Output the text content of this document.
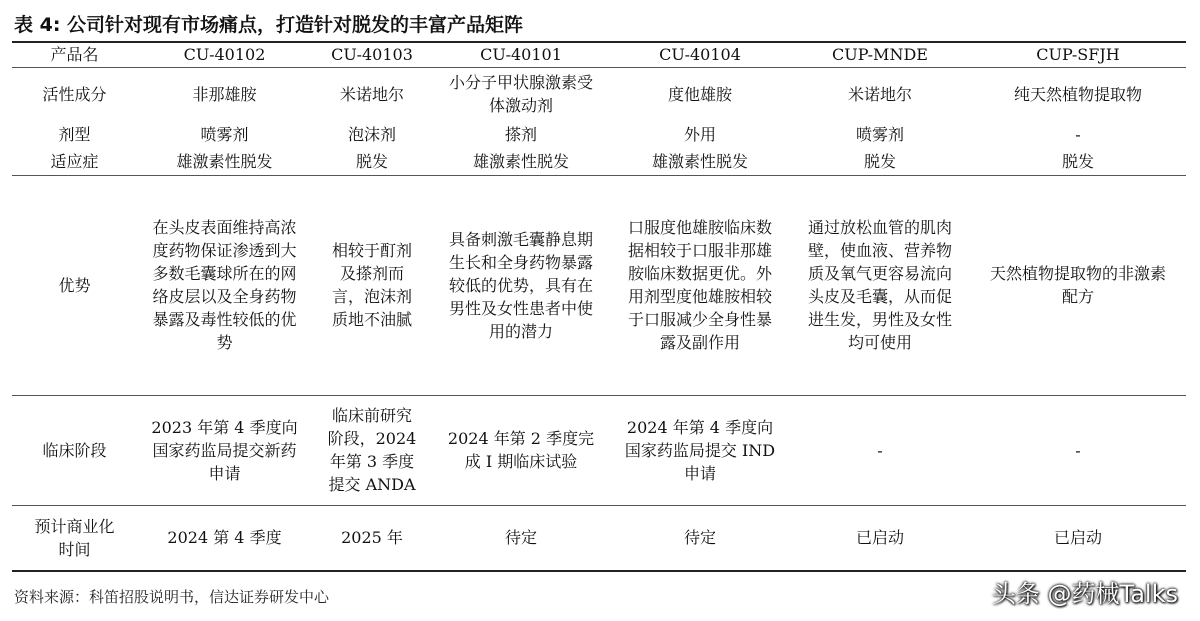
表 4: 公司针对现有市场痛点，打造针对脱发的丰富产品矩阵
产品名	CU-40102	CU-40103	CU-40101	CU-40104	CUP-MNDE	CUP-SFJH
活性成分	非那雄胺	米诺地尔	小分子甲状腺激素受体激动剂	度他雄胺	米诺地尔	纯天然植物提取物
剂型	喷雾剂	泡沫剂	搽剂	外用	喷雾剂	-
适应症	雄激素性脱发	脱发	雄激素性脱发	雄激素性脱发	脱发	脱发
优势	在头皮表面维持高浓度药物保证渗透到大多数毛囊球所在的网络皮层以及全身药物暴露及毒性较低的优势	相较于酊剂及搽剂而言，泡沫剂质地不油腻	具备刺激毛囊静息期生长和全身药物暴露较低的优势，具有在男性及女性患者中使用的潜力	口服度他雄胺临床数据相较于口服非那雄胺临床数据更优。外用剂型度他雄胺相较于口服减少全身性暴露及副作用	通过放松血管的肌肉壁，使血液、营养物质及氧气更容易流向头皮及毛囊，从而促进生发，男性及女性均可使用	天然植物提取物的非激素配方
临床阶段	2023 年第 4 季度向国家药监局提交新药申请	临床前研究阶段，2024 年第 3 季度提交 ANDA	2024 年第 2 季度完成 I 期临床试验	2024 年第 4 季度向国家药监局提交 IND 申请	-	-
预计商业化时间	2024 第 4 季度	2025 年	待定	待定	已启动	已启动
资料来源：科笛招股说明书，信达证券研发中心	头条 @药械Talks
